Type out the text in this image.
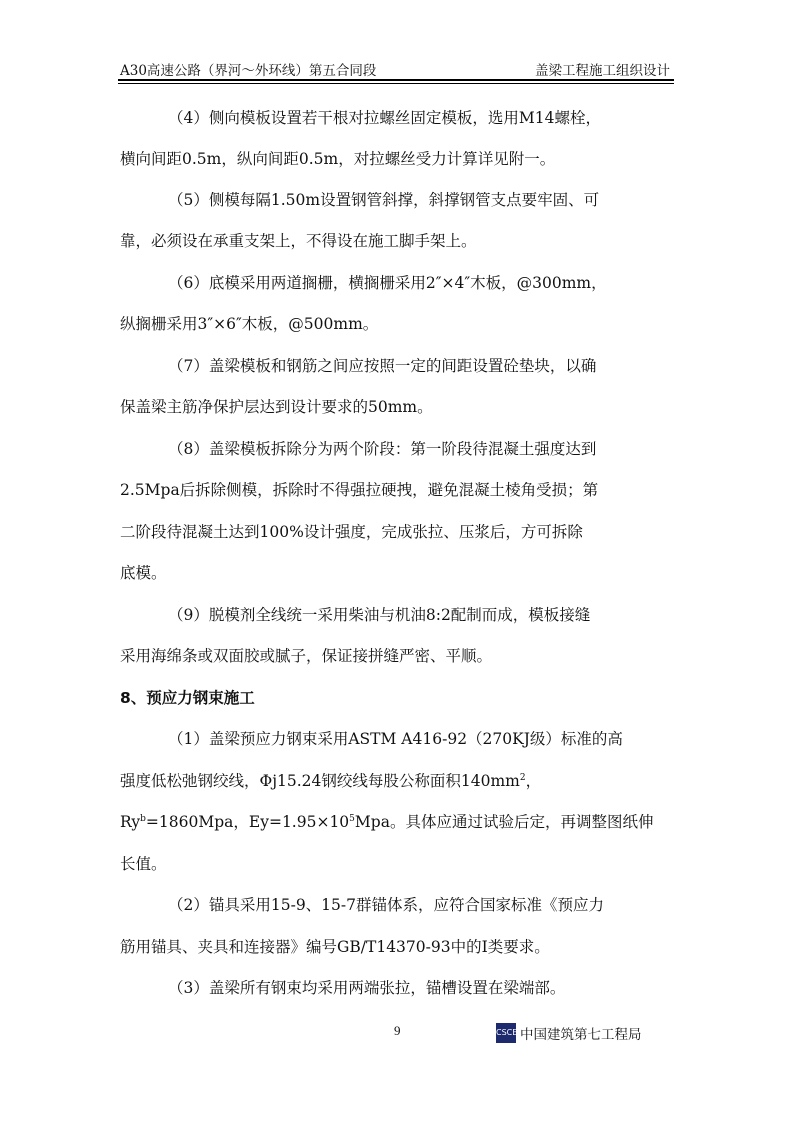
A30高速公路（界河～外环线）第五合同段	盖梁工程施工组织设计
（4）侧向模板设置若干根对拉螺丝固定模板，选用M14螺栓，
横向间距0.5m，纵向间距0.5m，对拉螺丝受力计算详见附一。
（5）侧模每隔1.50m设置钢管斜撑，斜撑钢管支点要牢固、可
靠，必须设在承重支架上，不得设在施工脚手架上。
（6）底模采用两道搁栅，横搁栅采用2″×4″木板，@300mm，
纵搁栅采用3″×6″木板，@500mm。
（7）盖梁模板和钢筋之间应按照一定的间距设置砼垫块，以确
保盖梁主筋净保护层达到设计要求的50mm。
（8）盖梁模板拆除分为两个阶段：第一阶段待混凝土强度达到
2.5Mpa后拆除侧模，拆除时不得强拉硬拽，避免混凝土棱角受损；第
二阶段待混凝土达到100%设计强度，完成张拉、压浆后，方可拆除
底模。
（9）脱模剂全线统一采用柴油与机油8:2配制而成，模板接缝
采用海绵条或双面胶或腻子，保证接拼缝严密、平顺。
8、预应力钢束施工
（1）盖梁预应力钢束采用ASTM A416-92（270KJ级）标准的高
强度低松弛钢绞线，Φj15.24钢绞线每股公称面积$140mm^2$，
$Ry^b=1860Mpa$，$Ey=1.95\times 10^5Mpa$。具体应通过试验后定，再调整图纸伸
长值。
（2）锚具采用15-9、15-7群锚体系，应符合国家标准《预应力
筋用锚具、夹具和连接器》编号GB/T14370-93中的I类要求。
（3）盖梁所有钢束均采用两端张拉，锚槽设置在梁端部。
9	CSCEC
中国建筑第七工程局
